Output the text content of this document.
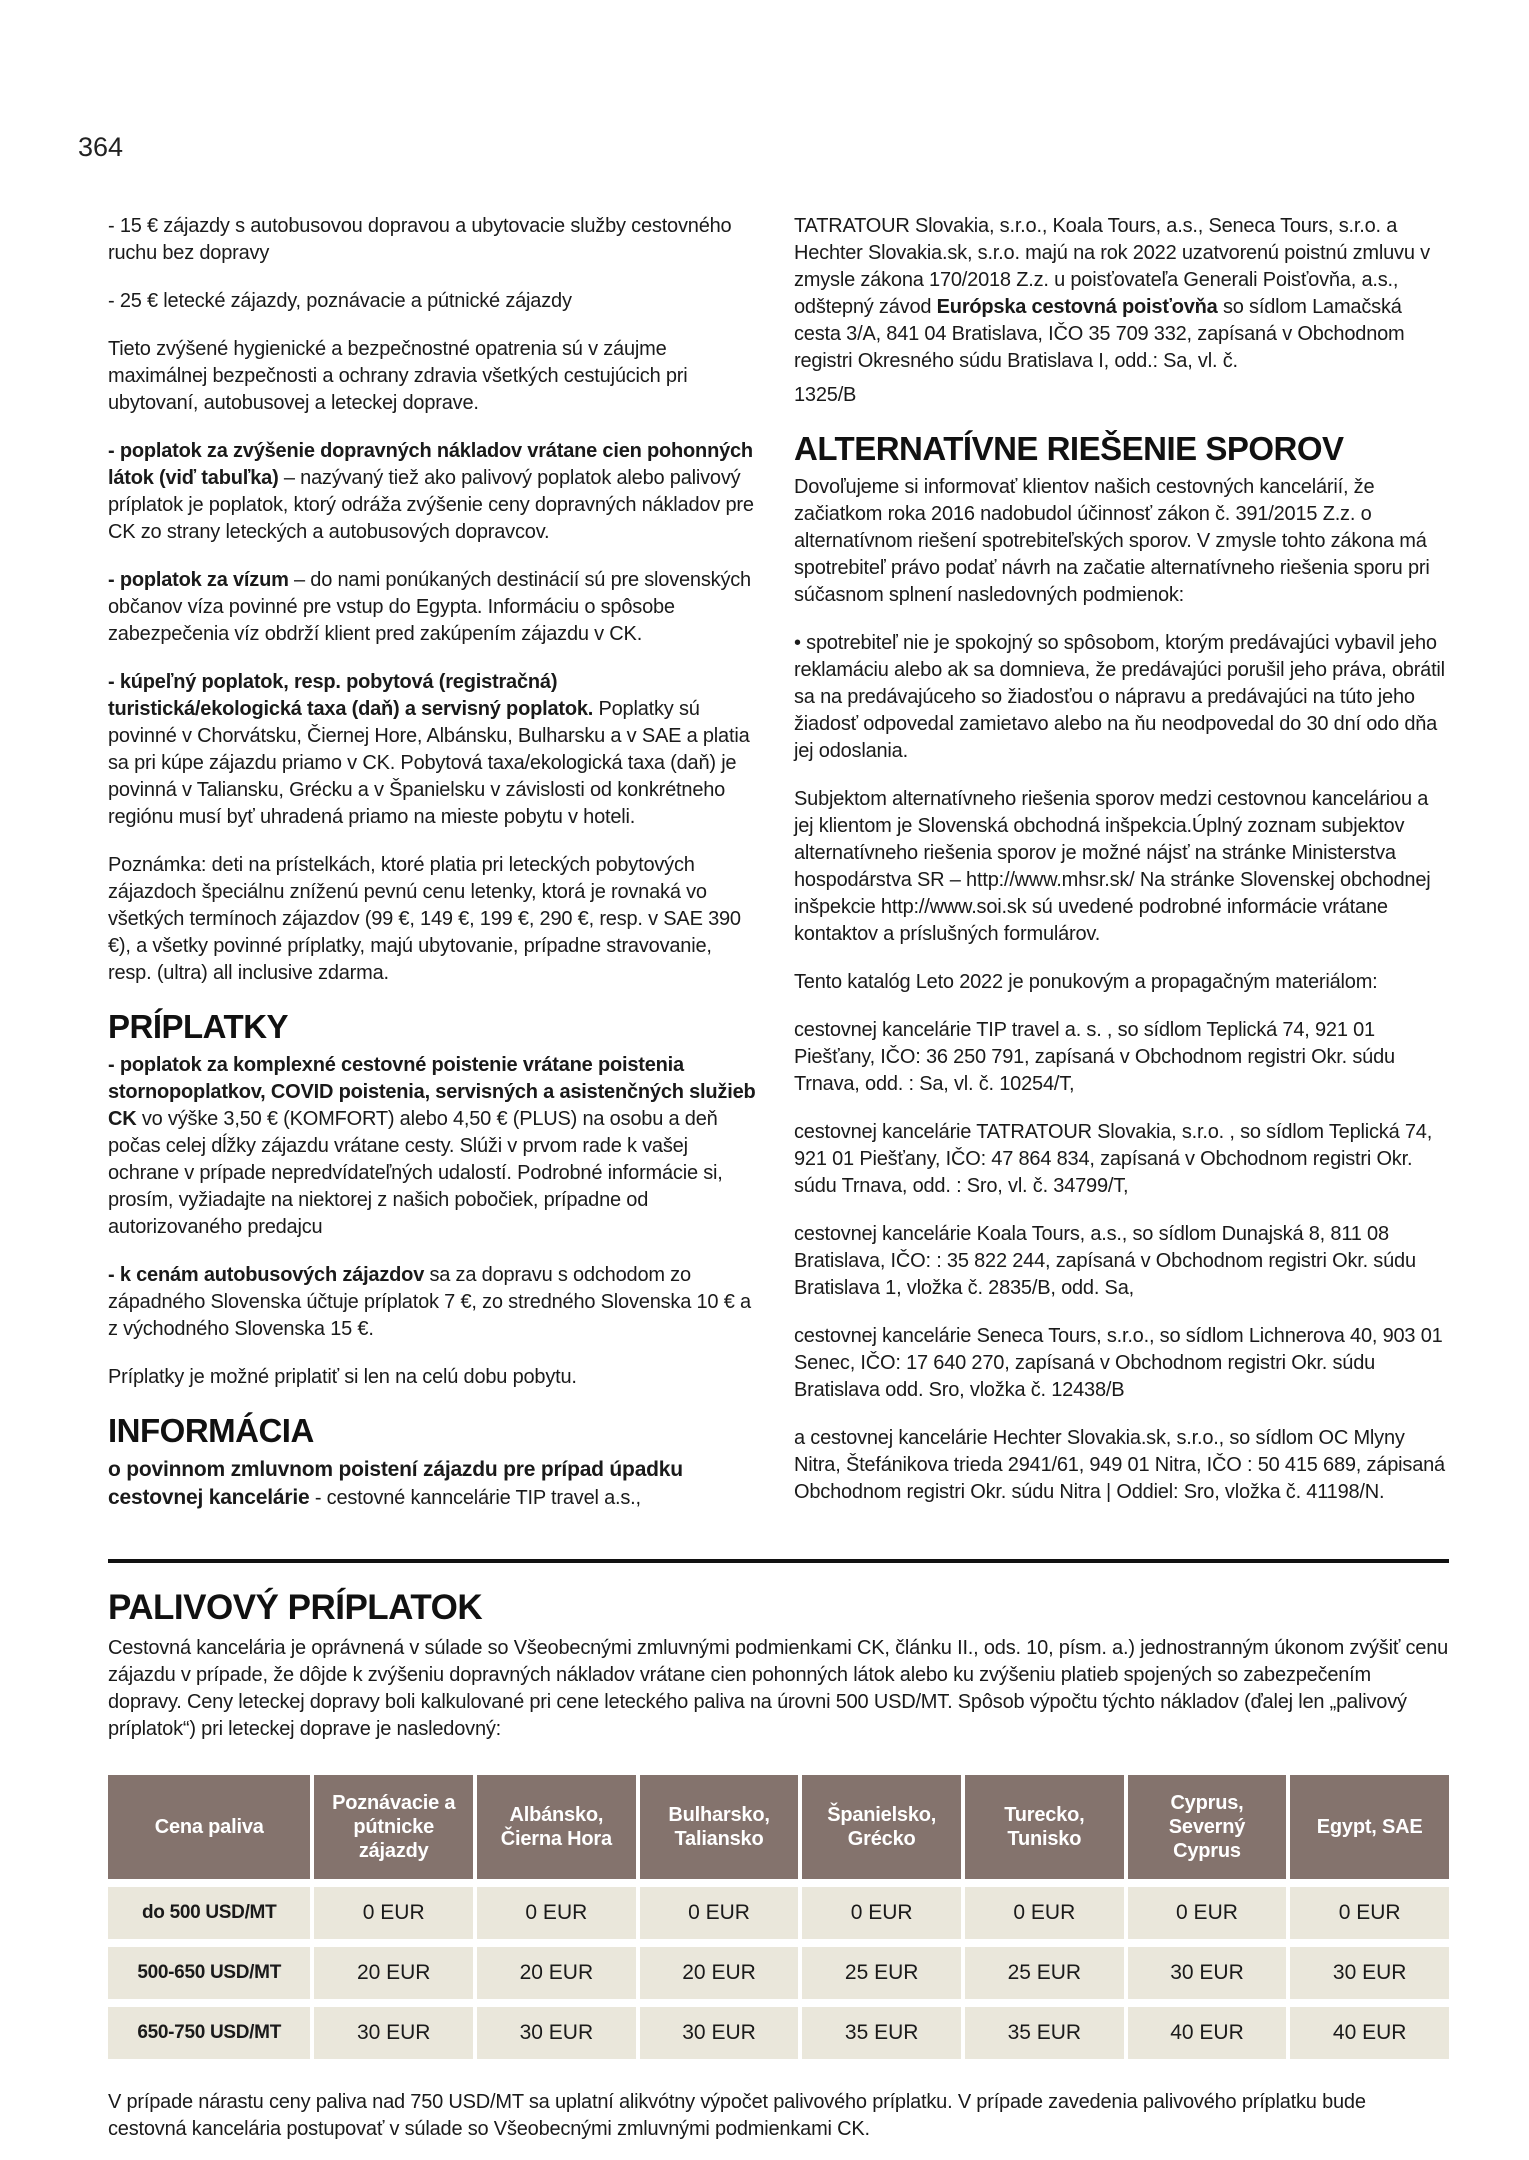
364

- 15 € zájazdy s autobusovou dopravou a ubytovacie služby cestovného ruchu bez dopravy

- 25 € letecké zájazdy, poznávacie a pútnické zájazdy

Tieto zvýšené hygienické a bezpečnostné opatrenia sú v záujme maximálnej bezpečnosti a ochrany zdravia všetkých cestujúcich pri ubytovaní, autobusovej a leteckej doprave.

- poplatok za zvýšenie dopravných nákladov vrátane cien pohonných látok (viď tabuľka) – nazývaný tiež ako palivový poplatok alebo palivový príplatok je poplatok, ktorý odráža zvýšenie ceny dopravných nákladov pre CK zo strany leteckých a autobusových dopravcov.

- poplatok za vízum – do nami ponúkaných destinácií sú pre slovenských občanov víza povinné pre vstup do Egypta. Informáciu o spôsobe zabezpečenia víz obdrží klient pred zakúpením zájazdu v CK.

- kúpeľný poplatok, resp. pobytová (registračná) turistická/ekologická taxa (daň) a servisný poplatok. Poplatky sú povinné v Chorvátsku, Čiernej Hore, Albánsku, Bulharsku a v SAE a platia sa pri kúpe zájazdu priamo v CK. Pobytová taxa/ekologická taxa (daň) je povinná v Taliansku, Grécku a v Španielsku v závislosti od konkrétneho regiónu musí byť uhradená priamo na mieste pobytu v hoteli.

Poznámka: deti na prístelkách, ktoré platia pri leteckých pobytových zájazdoch špeciálnu zníženú pevnú cenu letenky, ktorá je rovnaká vo všetkých termínoch zájazdov (99 €, 149 €, 199 €, 290 €, resp. v SAE 390 €), a všetky povinné príplatky, majú ubytovanie, prípadne stravovanie, resp. (ultra) all inclusive zdarma.

PRÍPLATKY

- poplatok za komplexné cestovné poistenie vrátane poistenia stornopoplatkov, COVID poistenia, servisných a asistenčných služieb CK vo výške 3,50 € (KOMFORT) alebo 4,50 € (PLUS) na osobu a deň počas celej dĺžky zájazdu vrátane cesty. Slúži v prvom rade k vašej ochrane v prípade nepredvídateľných udalostí. Podrobné informácie si, prosím, vyžiadajte na niektorej z našich pobočiek, prípadne od autorizovaného predajcu

- k cenám autobusových zájazdov sa za dopravu s odchodom zo západného Slovenska účtuje príplatok 7 €, zo stredného Slovenska 10 € a z východného Slovenska 15 €.

Príplatky je možné priplatiť si len na celú dobu pobytu.

INFORMÁCIA

o povinnom zmluvnom poistení zájazdu pre prípad úpadku cestovnej kancelárie - cestovné kanncelárie TIP travel a.s.,

TATRATOUR Slovakia, s.r.o., Koala Tours, a.s., Seneca Tours, s.r.o. a Hechter Slovakia.sk, s.r.o. majú na rok 2022 uzatvorenú poistnú zmluvu v zmysle zákona 170/2018 Z.z. u poisťovateľa Generali Poisťovňa, a.s., odštepný závod Európska cestovná poisťovňa so sídlom Lamačská cesta 3/A, 841 04 Bratislava, IČO 35 709 332, zapísaná v Obchodnom registri Okresného súdu Bratislava I, odd.: Sa, vl. č.

1325/B

ALTERNATÍVNE RIEŠENIE SPOROV

Dovoľujeme si informovať klientov našich cestovných kancelárií, že začiatkom roka 2016 nadobudol účinnosť zákon č. 391/2015 Z.z. o alternatívnom riešení spotrebiteľských sporov. V zmysle tohto zákona má spotrebiteľ právo podať návrh na začatie alternatívneho riešenia sporu pri súčasnom splnení nasledovných podmienok:

• spotrebiteľ nie je spokojný so spôsobom, ktorým predávajúci vybavil jeho reklamáciu alebo ak sa domnieva, že predávajúci porušil jeho práva, obrátil sa na predávajúceho so žiadosťou o nápravu a predávajúci na túto jeho žiadosť odpovedal zamietavo alebo na ňu neodpovedal do 30 dní odo dňa jej odoslania.

Subjektom alternatívneho riešenia sporov medzi cestovnou kanceláriou a jej klientom je Slovenská obchodná inšpekcia.Úplný zoznam subjektov alternatívneho riešenia sporov je možné nájsť na stránke Ministerstva hospodárstva SR – http://www.mhsr.sk/ Na stránke Slovenskej obchodnej inšpekcie http://www.soi.sk sú uvedené podrobné informácie vrátane kontaktov a príslušných formulárov.

Tento katalóg Leto 2022 je ponukovým a propagačným materiálom:

cestovnej kancelárie TIP travel a. s. , so sídlom Teplická 74, 921 01 Piešťany, IČO: 36 250 791, zapísaná v Obchodnom registri Okr. súdu Trnava, odd. : Sa, vl. č. 10254/T,

cestovnej kancelárie TATRATOUR Slovakia, s.r.o. , so sídlom Teplická 74, 921 01 Piešťany, IČO: 47 864 834, zapísaná v Obchodnom registri Okr. súdu Trnava, odd. : Sro, vl. č. 34799/T,

cestovnej kancelárie Koala Tours, a.s., so sídlom Dunajská 8, 811 08 Bratislava, IČO: : 35 822 244, zapísaná v Obchodnom registri Okr. súdu Bratislava 1, vložka č. 2835/B, odd. Sa,

cestovnej kancelárie Seneca Tours, s.r.o., so sídlom Lichnerova 40, 903 01 Senec, IČO: 17 640 270, zapísaná v Obchodnom registri Okr. súdu Bratislava odd. Sro, vložka č. 12438/B

a cestovnej kancelárie Hechter Slovakia.sk, s.r.o., so sídlom OC Mlyny Nitra, Štefánikova trieda 2941/61, 949 01 Nitra, IČO : 50 415 689, zápisaná Obchodnom registri Okr. súdu Nitra | Oddiel: Sro, vložka č. 41198/N.

PALIVOVÝ PRÍPLATOK

Cestovná kancelária je oprávnená v súlade so Všeobecnými zmluvnými podmienkami CK, článku II., ods. 10, písm. a.) jednostranným úkonom zvýšiť cenu zájazdu v prípade, že dôjde k zvýšeniu dopravných nákladov vrátane cien pohonných látok alebo ku zvýšeniu platieb spojených so zabezpečením dopravy. Ceny leteckej dopravy boli kalkulované pri cene leteckého paliva na úrovni 500 USD/MT. Spôsob výpočtu týchto nákladov (ďalej len „palivový príplatok“) pri leteckej doprave je nasledovný:

Cena paliva	Poznávacie a pútnicke zájazdy	Albánsko, Čierna Hora	Bulharsko, Taliansko	Španielsko, Grécko	Turecko, Tunisko	Cyprus, Severný Cyprus	Egypt, SAE
do 500 USD/MT	0 EUR	0 EUR	0 EUR	0 EUR	0 EUR	0 EUR	0 EUR
500-650 USD/MT	20 EUR	20 EUR	20 EUR	25 EUR	25 EUR	30 EUR	30 EUR
650-750 USD/MT	30 EUR	30 EUR	30 EUR	35 EUR	35 EUR	40 EUR	40 EUR

V prípade nárastu ceny paliva nad 750 USD/MT sa uplatní alikvótny výpočet palivového príplatku. V prípade zavedenia palivového príplatku bude cestovná kancelária postupovať v súlade so Všeobecnými zmluvnými podmienkami CK.
